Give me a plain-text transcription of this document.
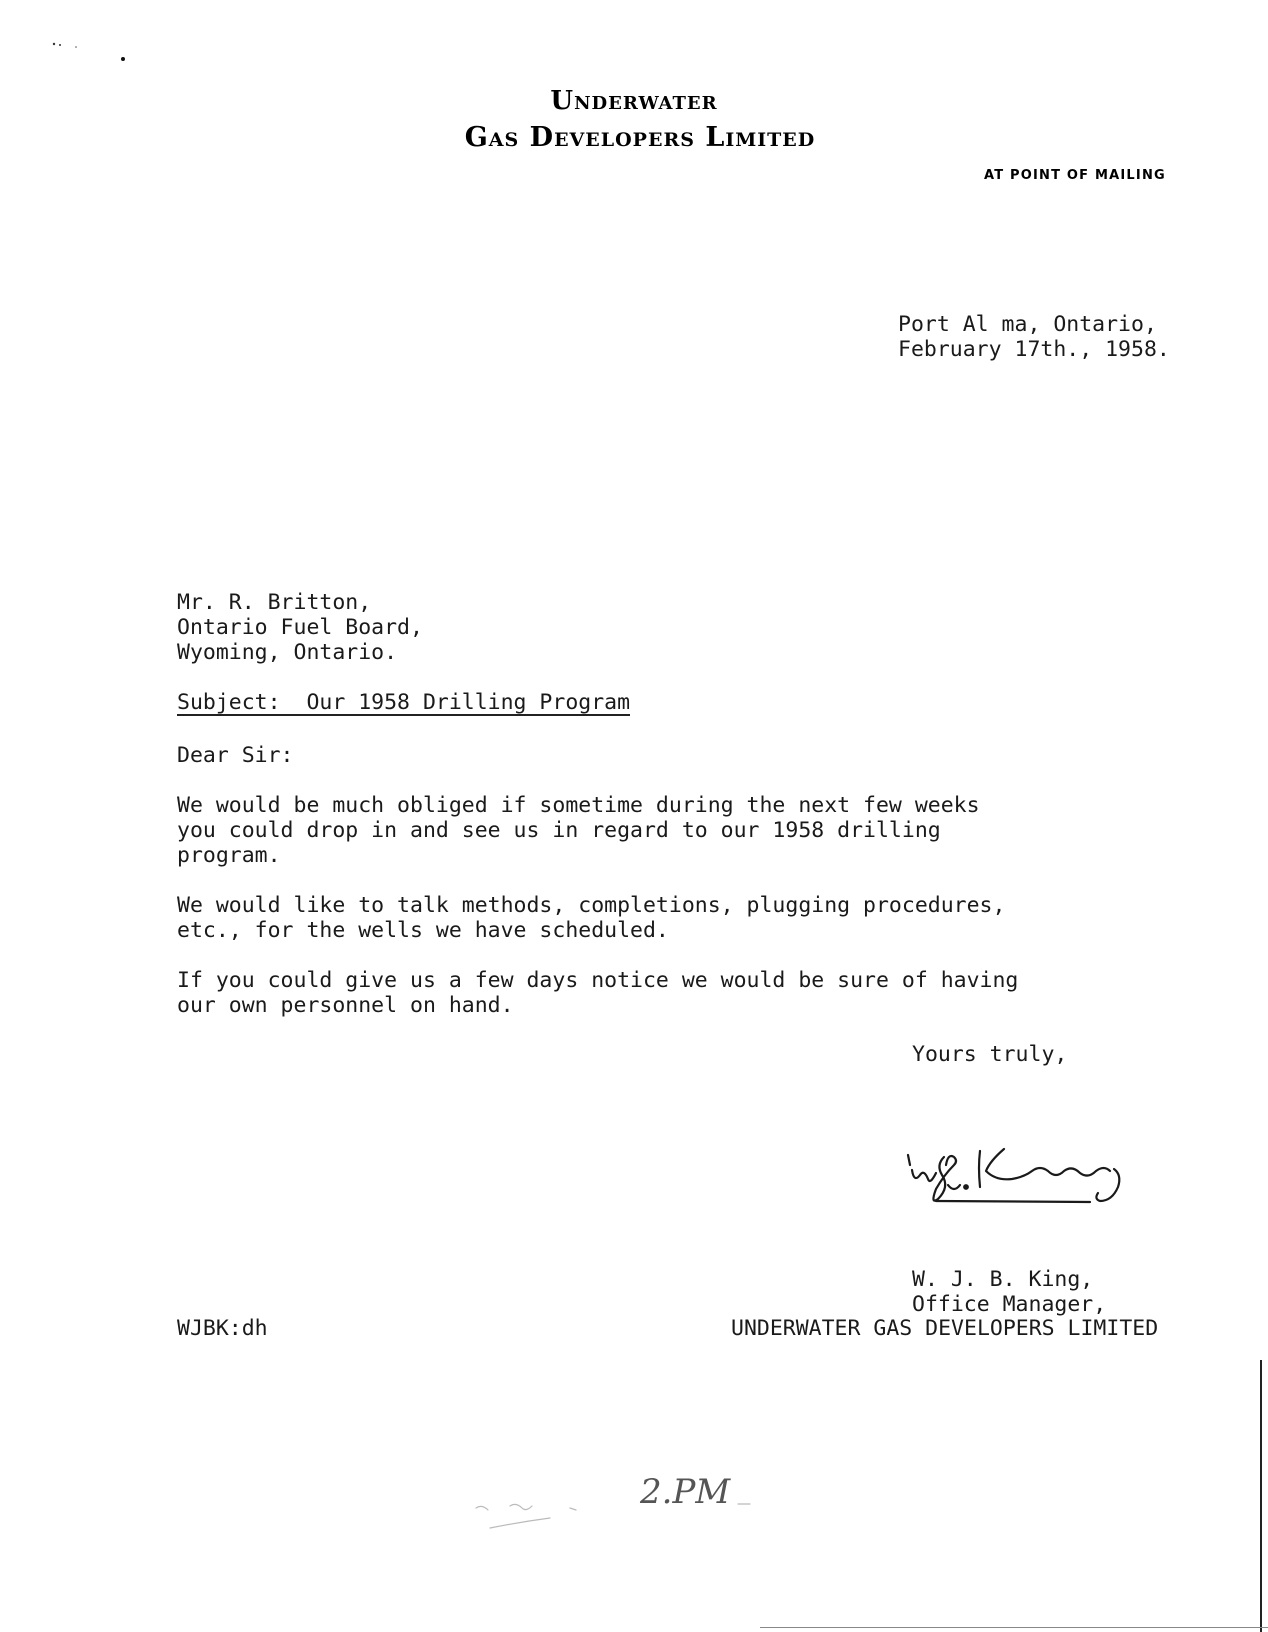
Underwater
Gas Developers Limited
AT POINT OF MAILING
Port Al ma, Ontario,
February 17th., 1958.
Mr. R. Britton,
Ontario Fuel Board,
Wyoming, Ontario.
Subject:  Our 1958 Drilling Program
Dear Sir:
We would be much obliged if sometime during the next few weeks
you could drop in and see us in regard to our 1958 drilling
program.
We would like to talk methods, completions, plugging procedures,
etc., for the wells we have scheduled.
If you could give us a few days notice we would be sure of having
our own personnel on hand.
Yours truly,
W. J. B. King,
Office Manager,
WJBK:dh	UNDERWATER GAS DEVELOPERS LIMITED
2.PM
